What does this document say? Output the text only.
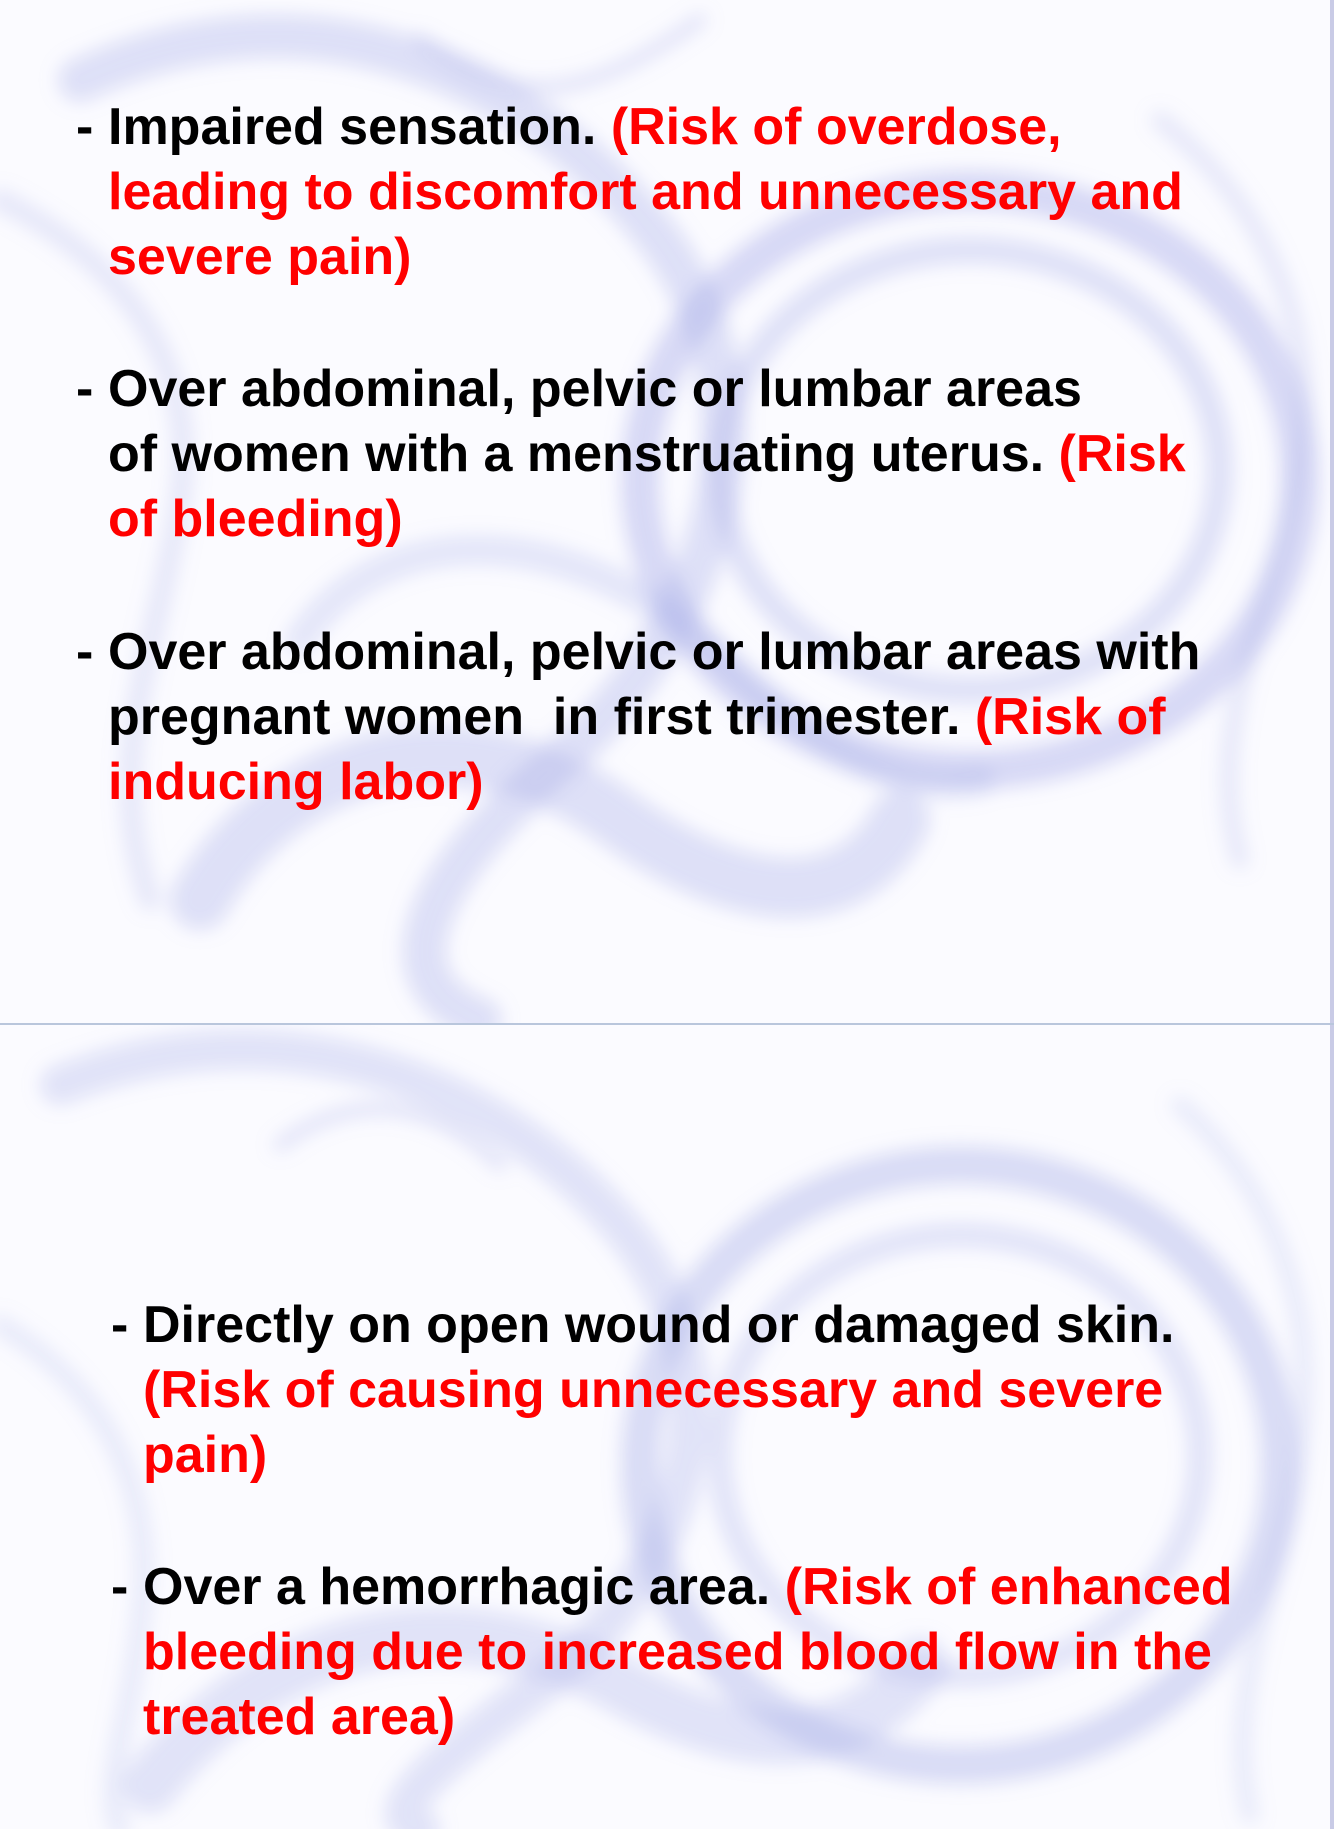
- Impaired sensation. (Risk of overdose,
leading to discomfort and unnecessary and
severe pain)
- Over abdominal, pelvic or lumbar areas
of women with a menstruating uterus. (Risk
of bleeding)
- Over abdominal, pelvic or lumbar areas with
pregnant women  in first trimester. (Risk of
inducing labor)
- Directly on open wound or damaged skin.
(Risk of causing unnecessary and severe
pain)
- Over a hemorrhagic area. (Risk of enhanced
bleeding due to increased blood flow in the
treated area)
